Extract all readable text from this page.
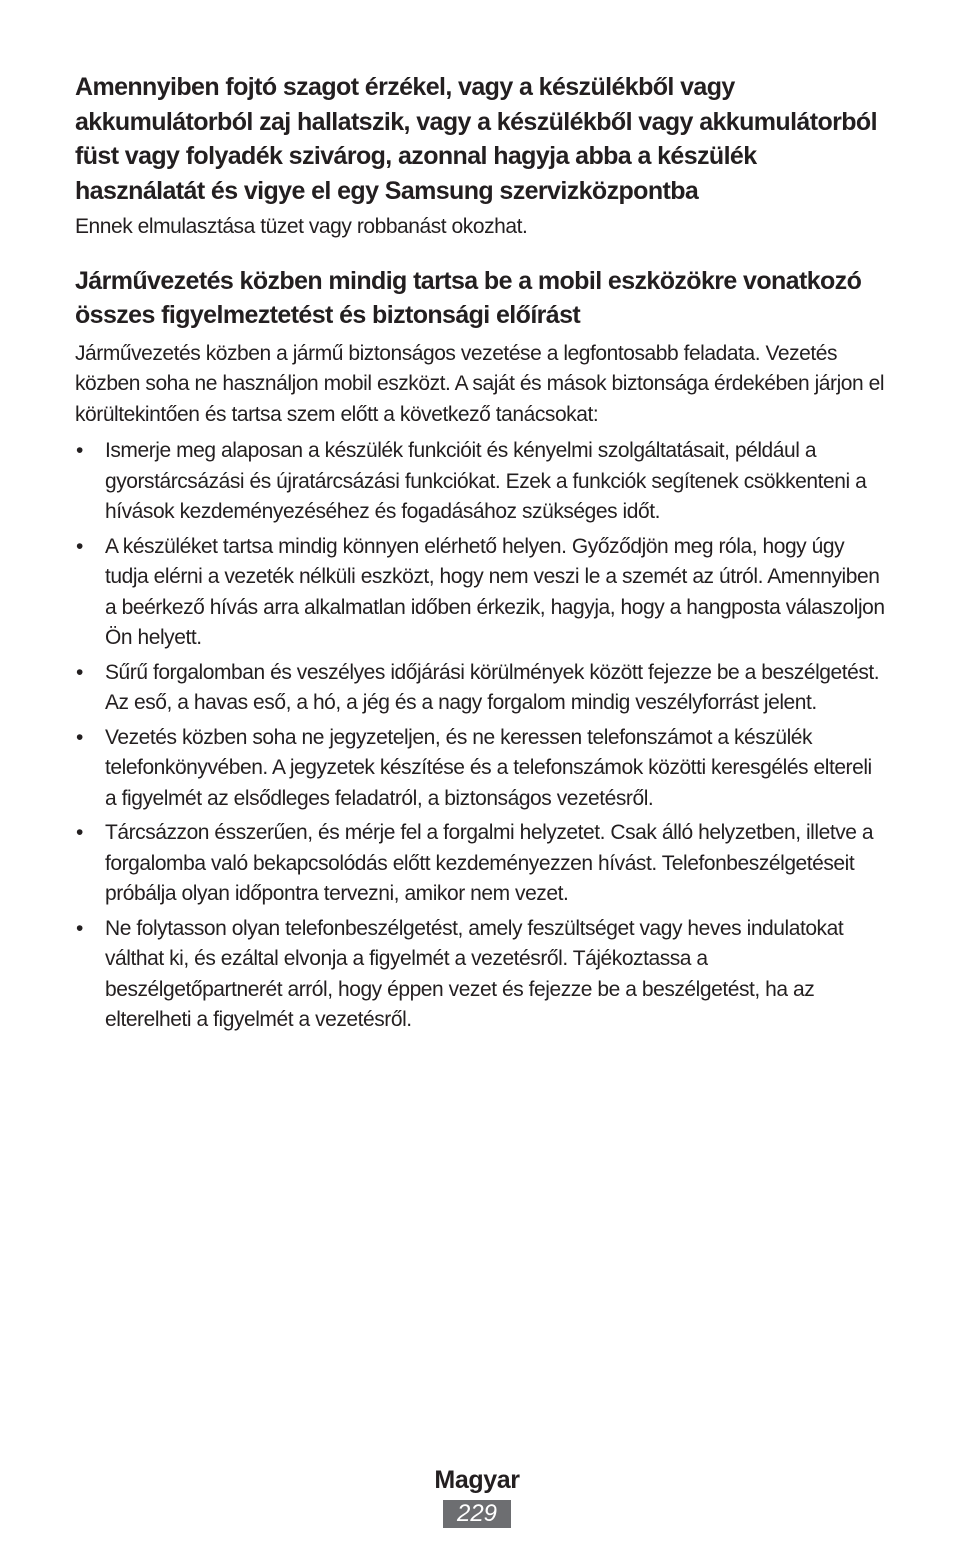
Amennyiben fojtó szagot érzékel, vagy a készülékből vagy akkumulátorból zaj hallatszik, vagy a készülékből vagy akkumulátorból füst vagy folyadék szivárog, azonnal hagyja abba a készülék használatát és vigye el egy Samsung szervizközpontba

Ennek elmulasztása tüzet vagy robbanást okozhat.

Járművezetés közben mindig tartsa be a mobil eszközökre vonatkozó összes figyelmeztetést és biztonsági előírást

Járművezetés közben a jármű biztonságos vezetése a legfontosabb feladata. Vezetés közben soha ne használjon mobil eszközt. A saját és mások biztonsága érdekében járjon el körültekintően és tartsa szem előtt a következő tanácsokat:

• Ismerje meg alaposan a készülék funkcióit és kényelmi szolgáltatásait, például a gyorstárcsázási és újratárcsázási funkciókat. Ezek a funkciók segítenek csökkenteni a hívások kezdeményezéséhez és fogadásához szükséges időt.
• A készüléket tartsa mindig könnyen elérhető helyen. Győződjön meg róla, hogy úgy tudja elérni a vezeték nélküli eszközt, hogy nem veszi le a szemét az útról. Amennyiben a beérkező hívás arra alkalmatlan időben érkezik, hagyja, hogy a hangposta válaszoljon Ön helyett.
• Sűrű forgalomban és veszélyes időjárási körülmények között fejezze be a beszélgetést. Az eső, a havas eső, a hó, a jég és a nagy forgalom mindig veszélyforrást jelent.
• Vezetés közben soha ne jegyzeteljen, és ne keressen telefonszámot a készülék telefonkönyvében. A jegyzetek készítése és a telefonszámok közötti keresgélés eltereli a figyelmét az elsődleges feladatról, a biztonságos vezetésről.
• Tárcsázzon ésszerűen, és mérje fel a forgalmi helyzetet. Csak álló helyzetben, illetve a forgalomba való bekapcsolódás előtt kezdeményezzen hívást. Telefonbeszélgetéseit próbálja olyan időpontra tervezni, amikor nem vezet.
• Ne folytasson olyan telefonbeszélgetést, amely feszültséget vagy heves indulatokat válthat ki, és ezáltal elvonja a figyelmét a vezetésről. Tájékoztassa a beszélgetőpartnerét arról, hogy éppen vezet és fejezze be a beszélgetést, ha az elterelheti a figyelmét a vezetésről.
Magyar
229
